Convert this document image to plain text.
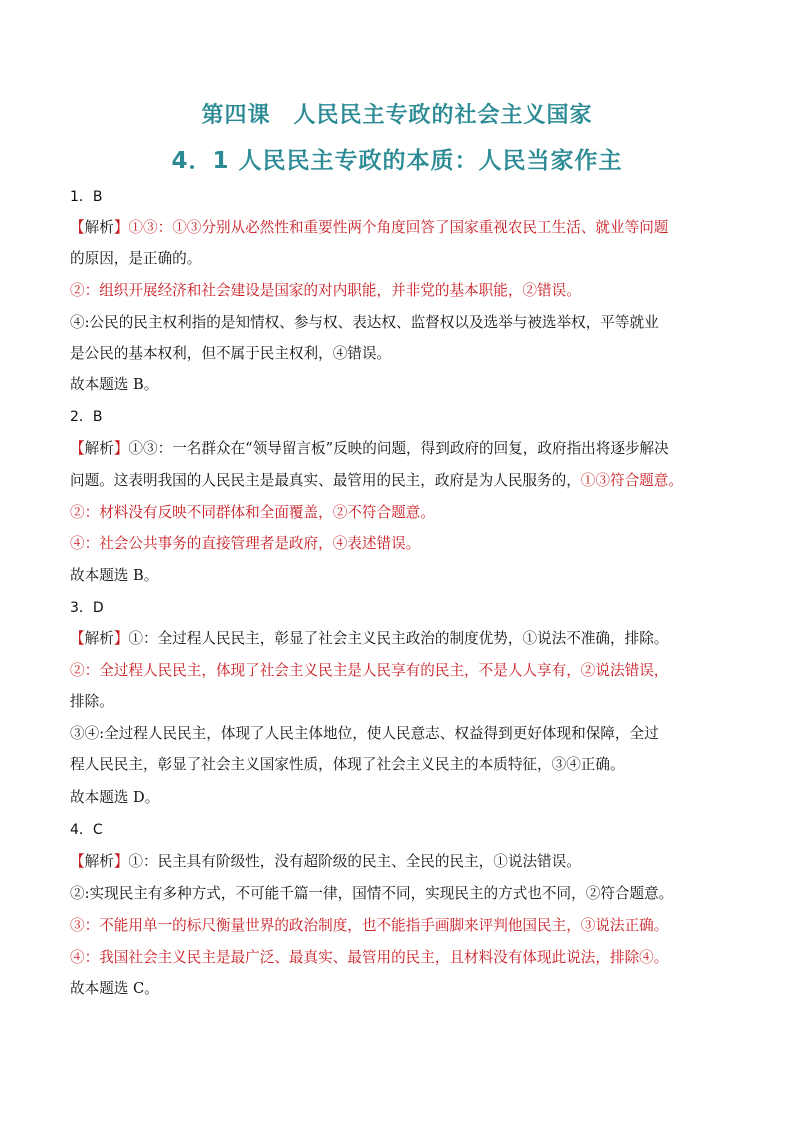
第四课　人民民主专政的社会主义国家
4．1 人民民主专政的本质：人民当家作主
1．B
【解析】①③：①③分别从必然性和重要性两个角度回答了国家重视农民工生活、就业等问题
的原因，是正确的。
②：组织开展经济和社会建设是国家的对内职能，并非党的基本职能，②错误。
④:公民的民主权利指的是知情权、参与权、表达权、监督权以及选举与被选举权，平等就业
是公民的基本权利，但不属于民主权利，④错误。
故本题选 B。
2．B
【解析】①③：一名群众在“领导留言板”反映的问题，得到政府的回复，政府指出将逐步解决
问题。这表明我国的人民民主是最真实、最管用的民主，政府是为人民服务的，①③符合题意。
②：材料没有反映不同群体和全面覆盖，②不符合题意。
④：社会公共事务的直接管理者是政府，④表述错误。
故本题选 B。
3．D
【解析】①：全过程人民民主，彰显了社会主义民主政治的制度优势，①说法不准确，排除。
②：全过程人民民主，体现了社会主义民主是人民享有的民主，不是人人享有，②说法错误，
排除。
③④:全过程人民民主，体现了人民主体地位，使人民意志、权益得到更好体现和保障，全过
程人民民主，彰显了社会主义国家性质，体现了社会主义民主的本质特征，③④正确。
故本题选 D。
4．C
【解析】①：民主具有阶级性，没有超阶级的民主、全民的民主，①说法错误。
②:实现民主有多种方式，不可能千篇一律，国情不同，实现民主的方式也不同，②符合题意。
③：不能用单一的标尺衡量世界的政治制度，也不能指手画脚来评判他国民主，③说法正确。
④：我国社会主义民主是最广泛、最真实、最管用的民主，且材料没有体现此说法，排除④。
故本题选 C。
